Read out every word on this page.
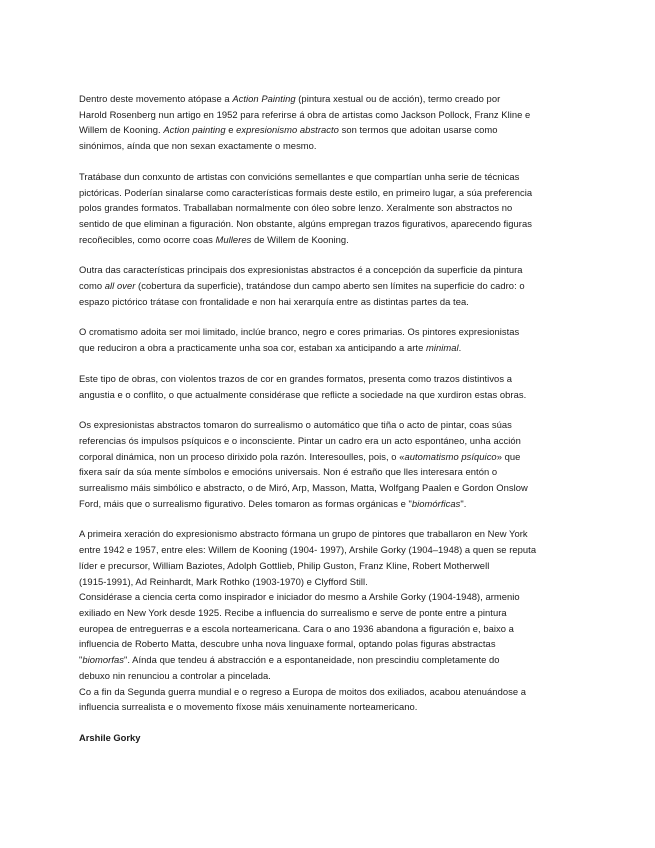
Dentro deste movemento atópase a Action Painting (pintura xestual ou de acción), termo creado por
Harold Rosenberg nun artigo en 1952 para referirse á obra de artistas como Jackson Pollock, Franz Kline e
Willem de Kooning. Action painting e expresionismo abstracto son termos que adoitan usarse como
sinónimos, aínda que non sexan exactamente o mesmo.
Tratábase dun conxunto de artistas con convicións semellantes e que compartían unha serie de técnicas
pictóricas. Poderían sinalarse como características formais deste estilo, en primeiro lugar, a súa preferencia
polos grandes formatos. Traballaban normalmente con óleo sobre lenzo. Xeralmente son abstractos no
sentido de que eliminan a figuración. Non obstante, algúns empregan trazos figurativos, aparecendo figuras
recoñecibles, como ocorre coas Mulleres de Willem de Kooning.
Outra das características principais dos expresionistas abstractos é a concepción da superficie da pintura
como all over (cobertura da superficie), tratándose dun campo aberto sen límites na superficie do cadro: o
espazo pictórico trátase con frontalidade e non hai xerarquía entre as distintas partes da tea.
O cromatismo adoita ser moi limitado, inclúe branco, negro e cores primarias. Os pintores expresionistas
que reduciron a obra a practicamente unha soa cor, estaban xa anticipando a arte minimal.
Este tipo de obras, con violentos trazos de cor en grandes formatos, presenta como trazos distintivos a
angustia e o conflito, o que actualmente considérase que reflicte a sociedade na que xurdiron estas obras.
Os expresionistas abstractos tomaron do surrealismo o automático que tiña o acto de pintar, coas súas
referencias ós impulsos psíquicos e o inconsciente. Pintar un cadro era un acto espontáneo, unha acción
corporal dinámica, non un proceso dirixido pola razón. Interesoulles, pois, o «automatismo psíquico» que
fixera saír da súa mente símbolos e emocións universais. Non é estraño que lles interesara entón o
surrealismo máis simbólico e abstracto, o de Miró, Arp, Masson, Matta, Wolfgang Paalen e Gordon Onslow
Ford, máis que o surrealismo figurativo. Deles tomaron as formas orgánicas e "biomórficas".
A primeira xeración do expresionismo abstracto fórmana un grupo de pintores que traballaron en New York
entre 1942 e 1957, entre eles: Willem de Kooning (1904- 1997), Arshile Gorky (1904–1948) a quen se reputa
líder e precursor, William Baziotes, Adolph Gottlieb, Philip Guston, Franz Kline, Robert Motherwell
(1915-1991), Ad Reinhardt, Mark Rothko (1903-1970) e Clyfford Still.
Considérase a ciencia certa como inspirador e iniciador do mesmo a Arshile Gorky (1904-1948), armenio
exiliado en New York desde 1925. Recibe a influencia do surrealismo e serve de ponte entre a pintura
europea de entreguerras e a escola norteamericana. Cara o ano 1936 abandona a figuración e, baixo a
influencia de Roberto Matta, descubre unha nova linguaxe formal, optando polas figuras abstractas
"biomorfas". Aínda que tendeu á abstracción e a espontaneidade, non prescindiu completamente do
debuxo nin renunciou a controlar a pincelada.
Co a fin da Segunda guerra mundial e o regreso a Europa de moitos dos exiliados, acabou atenuándose a
influencia surrealista e o movemento fíxose máis xenuinamente norteamericano.
Arshile Gorky
